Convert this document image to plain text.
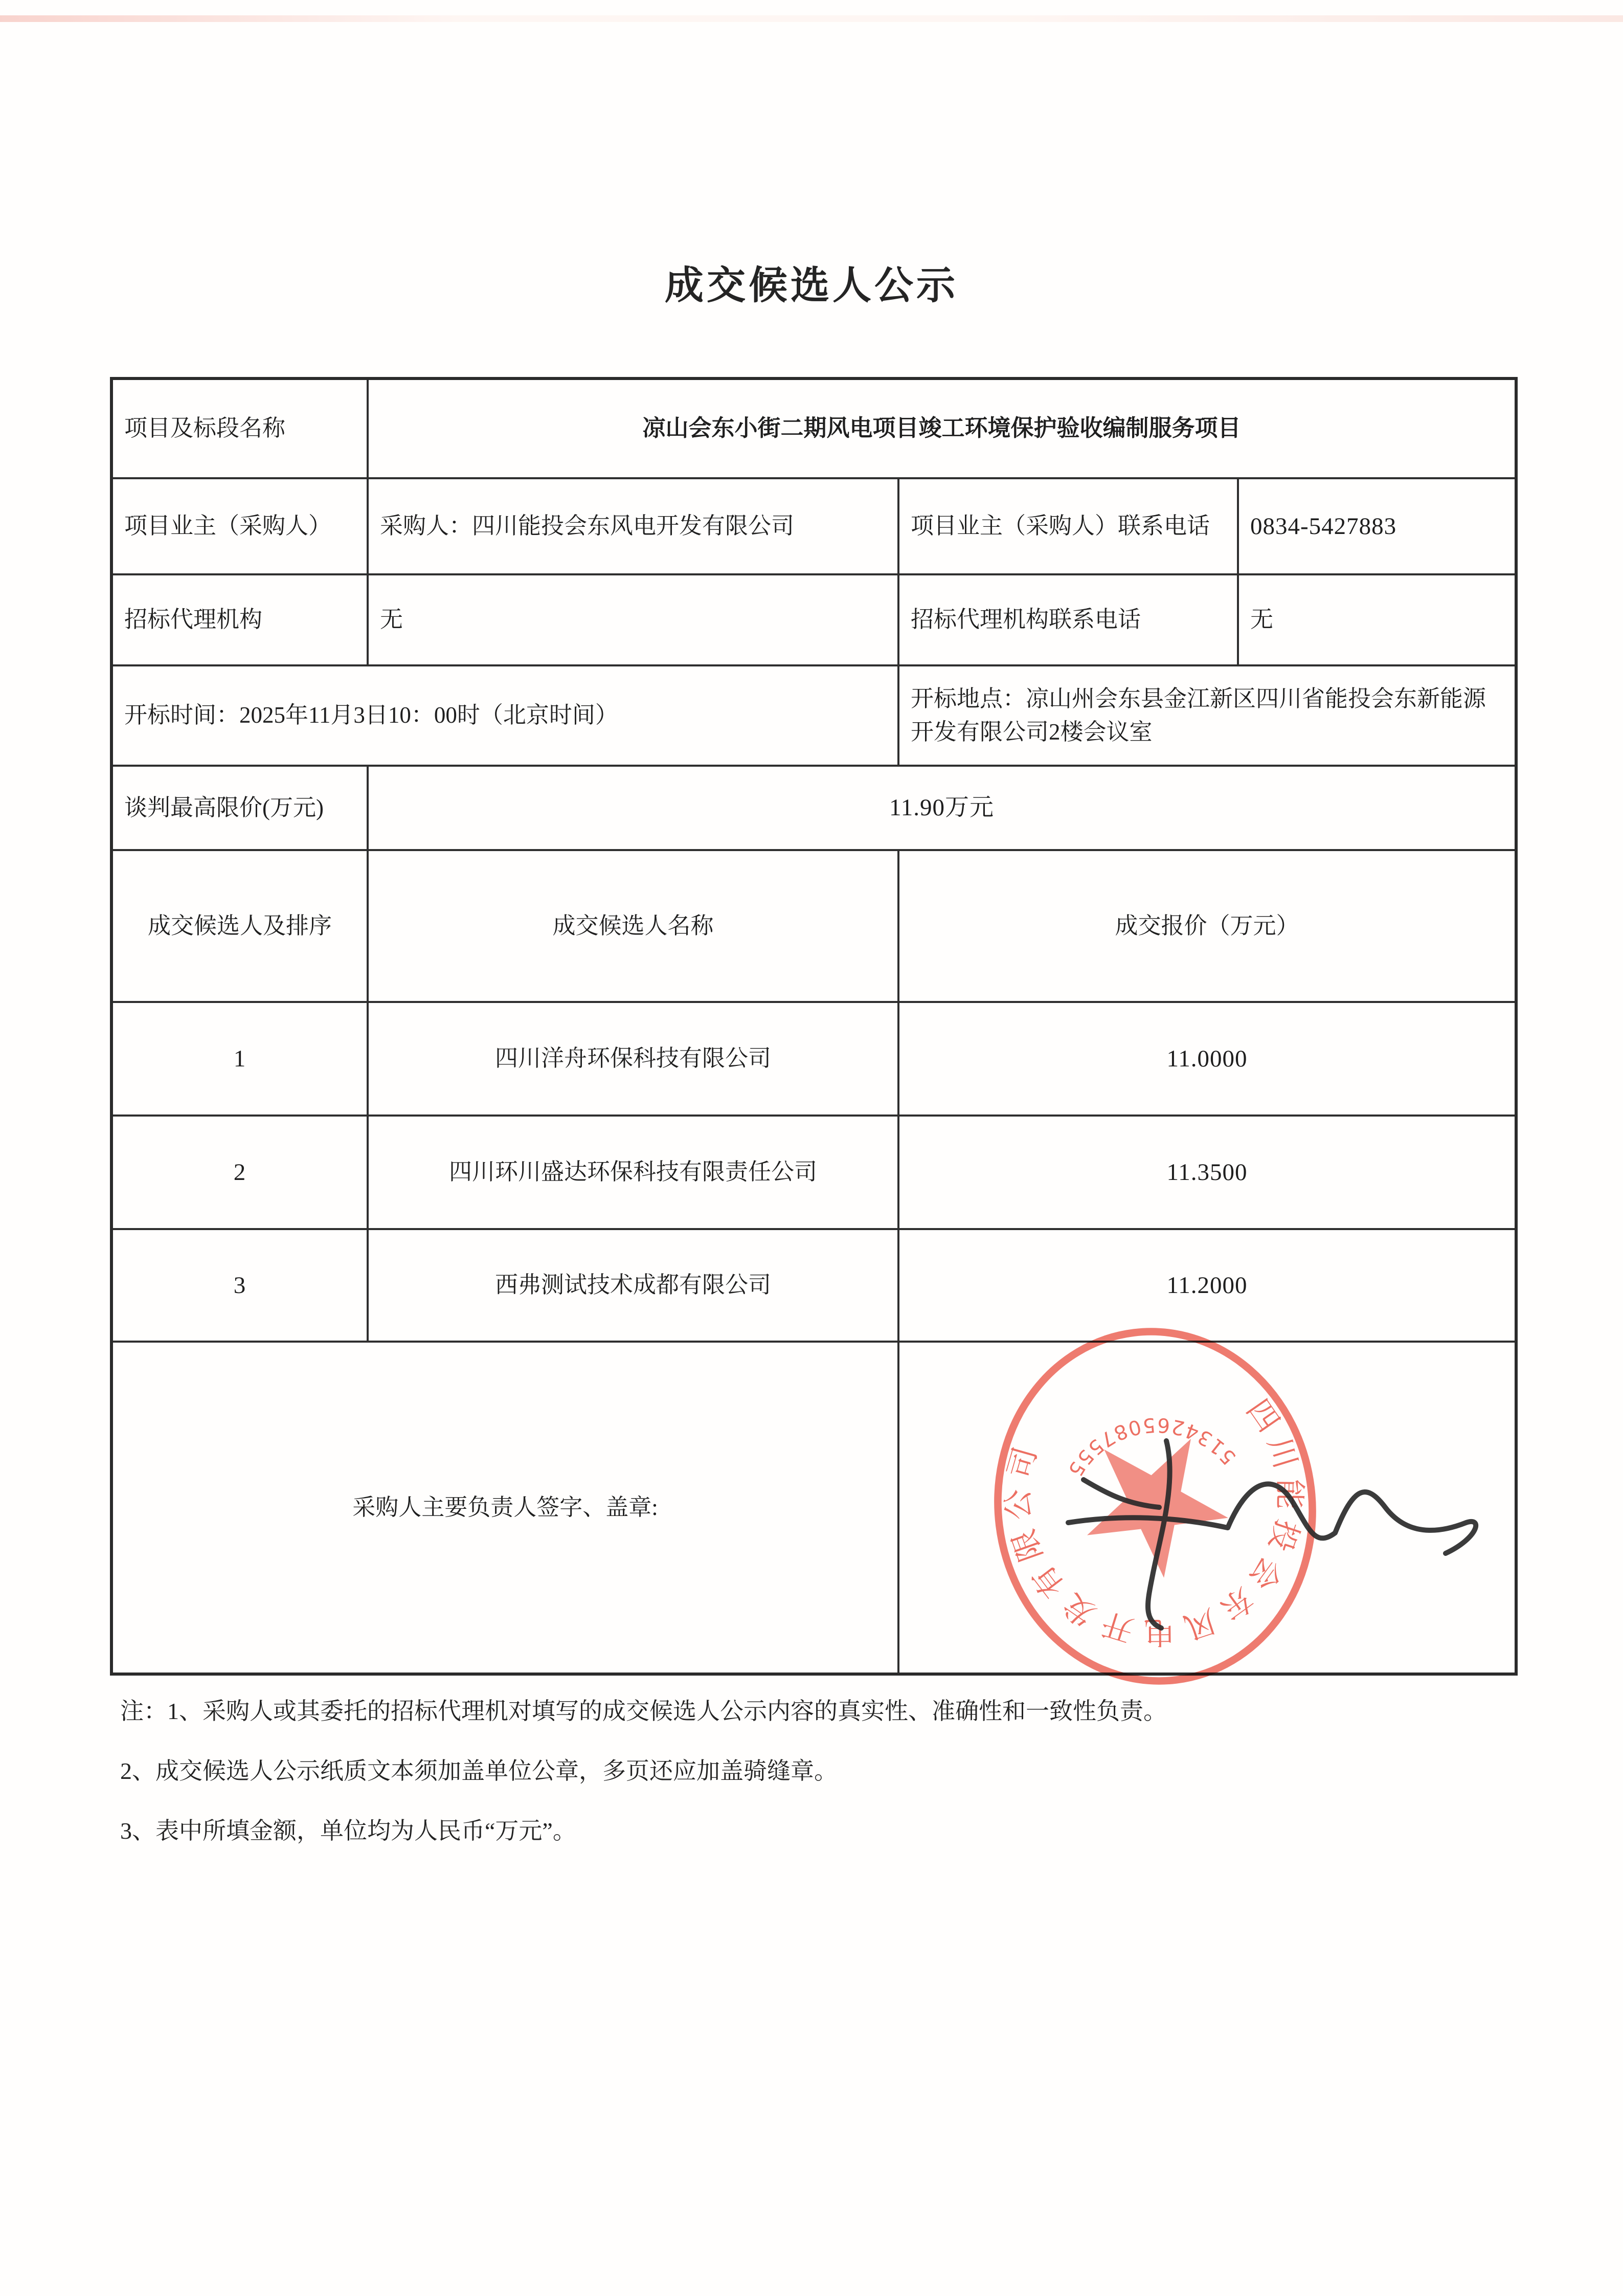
成交候选人公示
项目及标段名称	凉山会东小街二期风电项目竣工环境保护验收编制服务项目		
项目业主（采购人）	采购人：四川能投会东风电开发有限公司	项目业主（采购人）联系电话	0834-5427883
招标代理机构	无	招标代理机构联系电话	无
开标时间：2025年11月3日10：00时（北京时间）		开标地点：凉山州会东县金江新区四川省能投会东新能源开发有限公司2楼会议室	
谈判最高限价(万元)	11.90万元		
成交候选人及排序	成交候选人名称	成交报价（万元）	
1	四川洋舟环保科技有限公司	11.0000	
2	四川环川盛达环保科技有限责任公司	11.3500	
3	西弗测试技术成都有限公司	11.2000	
采购人主要负责人签字、盖章:		四川能投会东风电开发有限公司 5134265087555	

注：1、采购人或其委托的招标代理机对填写的成交候选人公示内容的真实性、准确性和一致性负责。

2、成交候选人公示纸质文本须加盖单位公章，多页还应加盖骑缝章。

3、表中所填金额，单位均为人民币“万元”。
